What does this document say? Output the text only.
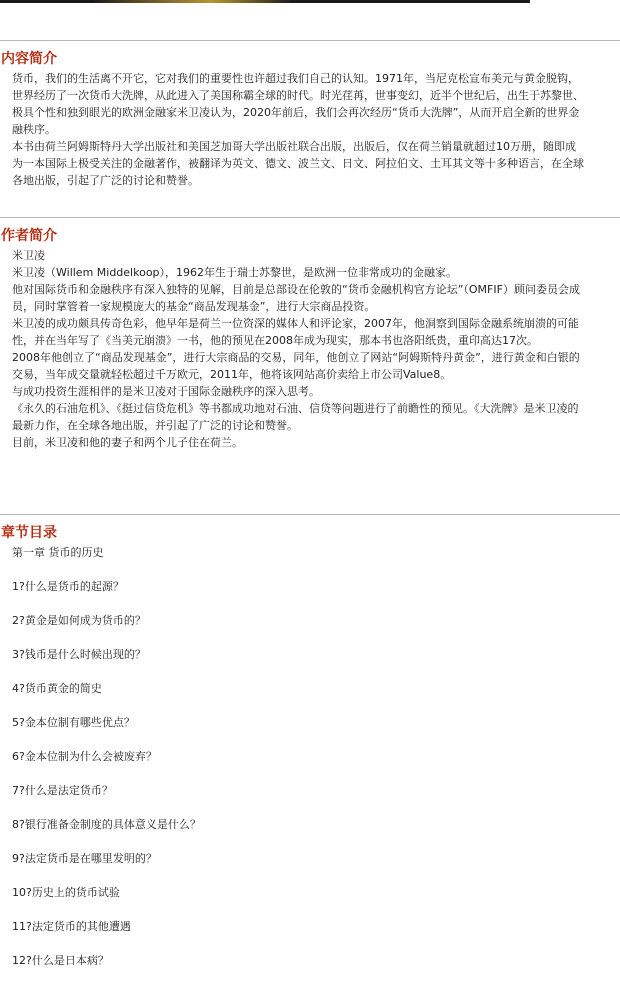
内容简介

货币，我们的生活离不开它，它对我们的重要性也许超过我们自己的认知。1971年，当尼克松宣布美元与黄金脱钩，世界经历了一次货币大洗牌，从此进入了美国称霸全球的时代。时光荏苒，世事变幻，近半个世纪后，出生于苏黎世、极具个性和独到眼光的欧洲金融家米卫凌认为，2020年前后，我们会再次经历“货币大洗牌”，从而开启全新的世界金融秩序。

本书由荷兰阿姆斯特丹大学出版社和美国芝加哥大学出版社联合出版，出版后，仅在荷兰销量就超过10万册，随即成为一本国际上极受关注的金融著作，被翻译为英文、德文、波兰文、日文、阿拉伯文、土耳其文等十多种语言，在全球各地出版，引起了广泛的讨论和赞誉。

作者简介

米卫凌

米卫凌（Willem Middelkoop），1962年生于瑞士苏黎世，是欧洲一位非常成功的金融家。

他对国际货币和金融秩序有深入独特的见解，目前是总部设在伦敦的“货币金融机构官方论坛”（OMFIF）顾问委员会成员，同时掌管着一家规模庞大的基金“商品发现基金”，进行大宗商品投资。

米卫凌的成功颇具传奇色彩，他早年是荷兰一位资深的媒体人和评论家，2007年，他洞察到国际金融系统崩溃的可能性，并在当年写了《当美元崩溃》一书，他的预见在2008年成为现实，那本书也洛阳纸贵，重印高达17次。

2008年他创立了“商品发现基金”，进行大宗商品的交易，同年，他创立了网站“阿姆斯特丹黄金”，进行黄金和白银的交易，当年成交量就轻松超过千万欧元，2011年，他将该网站高价卖给上市公司Value8。

与成功投资生涯相伴的是米卫凌对于国际金融秩序的深入思考。

《永久的石油危机》、《挺过信贷危机》等书都成功地对石油、信贷等问题进行了前瞻性的预见。《大洗牌》是米卫凌的最新力作，在全球各地出版，并引起了广泛的讨论和赞誉。

目前，米卫凌和他的妻子和两个儿子住在荷兰。

章节目录
第一章 货币的历史
1?什么是货币的起源？
2?黄金是如何成为货币的？
3?钱币是什么时候出现的？
4?货币黄金的简史
5?金本位制有哪些优点？
6?金本位制为什么会被废弃？
7?什么是法定货币？
8?银行准备金制度的具体意义是什么？
9?法定货币是在哪里发明的？
10?历史上的货币试验
11?法定货币的其他遭遇
12?什么是日本病？
